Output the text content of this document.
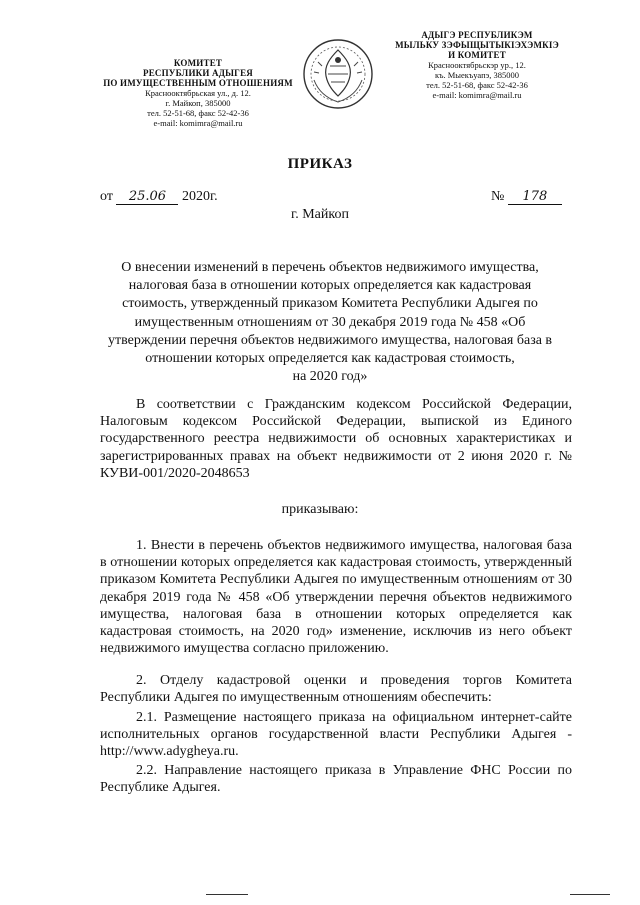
КОМИТЕТ
РЕСПУБЛИКИ АДЫГЕЯ
ПО ИМУЩЕСТВЕННЫМ ОТНОШЕНИЯМ
Краснооктябрьская ул., д. 12.
г. Майкоп, 385000
тел. 52-51-68, факс 52-42-36
e-mail: komimra@mail.ru
АДЫГЭ РЕСПУБЛИКЭМ
МЫЛЬКУ ЗЭФЫЩЫТЫКIЭХЭМКIЭ
И КОМИТЕТ
Краснооктябрьскэр ур., 12.
къ. Мыекъуапэ, 385000
тел. 52-51-68, факс 52-42-36
e-mail: komimra@mail.ru
ПРИКАЗ
от 25.06 2020г.	№ 178
г. Майкоп
О внесении изменений в перечень объектов недвижимого имущества,
налоговая база в отношении которых определяется как кадастровая
стоимость, утвержденный приказом Комитета Республики Адыгея по
имущественным отношениям от 30 декабря 2019 года № 458 «Об
утверждении перечня объектов недвижимого имущества, налоговая база в
отношении которых определяется как кадастровая стоимость,
на 2020 год»
В соответствии с Гражданским кодексом Российской Федерации, Налоговым кодексом Российской Федерации, выпиской из Единого государственного реестра недвижимости об основных характеристиках и зарегистрированных правах на объект недвижимости от 2 июня 2020 г. № КУВИ-001/2020-2048653
приказываю:
1. Внести в перечень объектов недвижимого имущества, налоговая база в отношении которых определяется как кадастровая стоимость, утвержденный приказом Комитета Республики Адыгея по имущественным отношениям от 30 декабря 2019 года № 458 «Об утверждении перечня объектов недвижимого имущества, налоговая база в отношении которых определяется как кадастровая стоимость, на 2020 год» изменение, исключив из него объект недвижимого имущества согласно приложению.
2. Отделу кадастровой оценки и проведения торгов Комитета Республики Адыгея по имущественным отношениям обеспечить:
2.1. Размещение настоящего приказа на официальном интернет-сайте исполнительных органов государственной власти Республики Адыгея - http://www.adygheya.ru.
2.2. Направление настоящего приказа в Управление ФНС России по Республике Адыгея.
